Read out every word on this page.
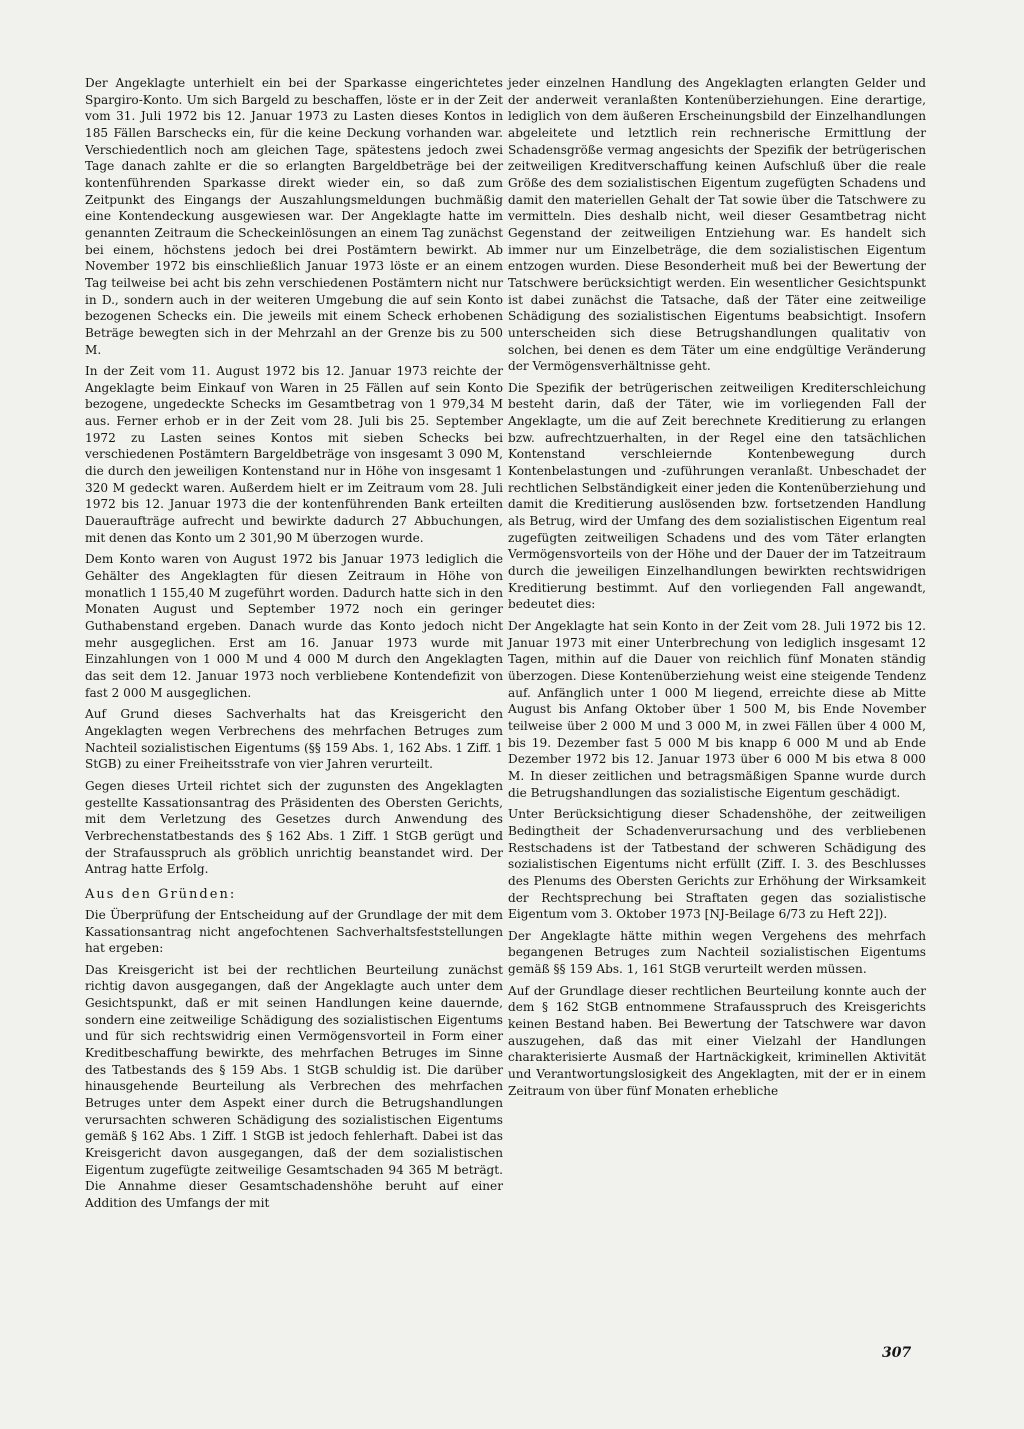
Der Angeklagte unterhielt ein bei der Sparkasse eingerichtetes Spargiro-Konto. Um sich Bargeld zu beschaffen, löste er in der Zeit vom 31. Juli 1972 bis 12. Januar 1973 zu Lasten dieses Kontos in 185 Fällen Barschecks ein, für die keine Deckung vorhanden war. Verschiedentlich noch am gleichen Tage, spätestens jedoch zwei Tage danach zahlte er die so erlangten Bargeldbeträge bei der kontenführenden Sparkasse direkt wieder ein, so daß zum Zeitpunkt des Eingangs der Auszahlungsmeldungen buchmäßig eine Kontendeckung ausgewiesen war. Der Angeklagte hatte im genannten Zeitraum die Scheckeinlösungen an einem Tag zunächst bei einem, höchstens jedoch bei drei Postämtern bewirkt. Ab November 1972 bis einschließlich Januar 1973 löste er an einem Tag teilweise bei acht bis zehn verschiedenen Postämtern nicht nur in D., sondern auch in der weiteren Umgebung die auf sein Konto bezogenen Schecks ein. Die jeweils mit einem Scheck erhobenen Beträge bewegten sich in der Mehrzahl an der Grenze bis zu 500 M.

In der Zeit vom 11. August 1972 bis 12. Januar 1973 reichte der Angeklagte beim Einkauf von Waren in 25 Fällen auf sein Konto bezogene, ungedeckte Schecks im Gesamtbetrag von 1 979,34 M aus. Ferner erhob er in der Zeit vom 28. Juli bis 25. September 1972 zu Lasten seines Kontos mit sieben Schecks bei verschiedenen Postämtern Bargeldbeträge von insgesamt 3 090 M, die durch den jeweiligen Kontenstand nur in Höhe von insgesamt 1 320 M gedeckt waren. Außerdem hielt er im Zeitraum vom 28. Juli 1972 bis 12. Januar 1973 die der kontenführenden Bank erteilten Daueraufträge aufrecht und bewirkte dadurch 27 Abbuchungen, mit denen das Konto um 2 301,90 M überzogen wurde.

Dem Konto waren von August 1972 bis Januar 1973 lediglich die Gehälter des Angeklagten für diesen Zeitraum in Höhe von monatlich 1 155,40 M zugeführt worden. Dadurch hatte sich in den Monaten August und September 1972 noch ein geringer Guthabenstand ergeben. Danach wurde das Konto jedoch nicht mehr ausgeglichen. Erst am 16. Januar 1973 wurde mit Einzahlungen von 1 000 M und 4 000 M durch den Angeklagten das seit dem 12. Januar 1973 noch verbliebene Kontendefizit von fast 2 000 M ausgeglichen.

Auf Grund dieses Sachverhalts hat das Kreisgericht den Angeklagten wegen Verbrechens des mehrfachen Betruges zum Nachteil sozialistischen Eigentums (§§ 159 Abs. 1, 162 Abs. 1 Ziff. 1 StGB) zu einer Freiheitsstrafe von vier Jahren verurteilt.

Gegen dieses Urteil richtet sich der zugunsten des Angeklagten gestellte Kassationsantrag des Präsidenten des Obersten Gerichts, mit dem Verletzung des Gesetzes durch Anwendung des Verbrechenstatbestands des § 162 Abs. 1 Ziff. 1 StGB gerügt und der Strafausspruch als gröblich unrichtig beanstandet wird. Der Antrag hatte Erfolg.

Aus den Gründen:

Die Überprüfung der Entscheidung auf der Grundlage der mit dem Kassationsantrag nicht angefochtenen Sachverhaltsfeststellungen hat ergeben:

Das Kreisgericht ist bei der rechtlichen Beurteilung zunächst richtig davon ausgegangen, daß der Angeklagte auch unter dem Gesichtspunkt, daß er mit seinen Handlungen keine dauernde, sondern eine zeitweilige Schädigung des sozialistischen Eigentums und für sich rechtswidrig einen Vermögensvorteil in Form einer Kreditbeschaffung bewirkte, des mehrfachen Betruges im Sinne des Tatbestands des § 159 Abs. 1 StGB schuldig ist. Die darüber hinausgehende Beurteilung als Verbrechen des mehrfachen Betruges unter dem Aspekt einer durch die Betrugshandlungen verursachten schweren Schädigung des sozialistischen Eigentums gemäß § 162 Abs. 1 Ziff. 1 StGB ist jedoch fehlerhaft. Dabei ist das Kreisgericht davon ausgegangen, daß der dem sozialistischen Eigentum zugefügte zeitweilige Gesamtschaden 94 365 M beträgt. Die Annahme dieser Gesamtschadenshöhe beruht auf einer Addition des Umfangs der mit

jeder einzelnen Handlung des Angeklagten erlangten Gelder und der anderweit veranlaßten Kontenüberziehungen. Eine derartige, lediglich von dem äußeren Erscheinungsbild der Einzelhandlungen abgeleitete und letztlich rein rechnerische Ermittlung der Schadensgröße vermag angesichts der Spezifik der betrügerischen zeitweiligen Kreditverschaffung keinen Aufschluß über die reale Größe des dem sozialistischen Eigentum zugefügten Schadens und damit den materiellen Gehalt der Tat sowie über die Tatschwere zu vermitteln. Dies deshalb nicht, weil dieser Gesamtbetrag nicht Gegenstand der zeitweiligen Entziehung war. Es handelt sich immer nur um Einzelbeträge, die dem sozialistischen Eigentum entzogen wurden. Diese Besonderheit muß bei der Bewertung der Tatschwere berücksichtigt werden. Ein wesentlicher Gesichtspunkt ist dabei zunächst die Tatsache, daß der Täter eine zeitweilige Schädigung des sozialistischen Eigentums beabsichtigt. Insofern unterscheiden sich diese Betrugshandlungen qualitativ von solchen, bei denen es dem Täter um eine endgültige Veränderung der Vermögensverhältnisse geht.

Die Spezifik der betrügerischen zeitweiligen Krediterschleichung besteht darin, daß der Täter, wie im vorliegenden Fall der Angeklagte, um die auf Zeit berechnete Kreditierung zu erlangen bzw. aufrechtzuerhalten, in der Regel eine den tatsächlichen Kontenstand verschleiernde Kontenbewegung durch Kontenbelastungen und -zuführungen veranlaßt. Unbeschadet der rechtlichen Selbständigkeit einer jeden die Kontenüberziehung und damit die Kreditierung auslösenden bzw. fortsetzenden Handlung als Betrug, wird der Umfang des dem sozialistischen Eigentum real zugefügten zeitweiligen Schadens und des vom Täter erlangten Vermögensvorteils von der Höhe und der Dauer der im Tatzeitraum durch die jeweiligen Einzelhandlungen bewirkten rechtswidrigen Kreditierung bestimmt. Auf den vorliegenden Fall angewandt, bedeutet dies:

Der Angeklagte hat sein Konto in der Zeit vom 28. Juli 1972 bis 12. Januar 1973 mit einer Unterbrechung von lediglich insgesamt 12 Tagen, mithin auf die Dauer von reichlich fünf Monaten ständig überzogen. Diese Kontenüberziehung weist eine steigende Tendenz auf. Anfänglich unter 1 000 M liegend, erreichte diese ab Mitte August bis Anfang Oktober über 1 500 M, bis Ende November teilweise über 2 000 M und 3 000 M, in zwei Fällen über 4 000 M, bis 19. Dezember fast 5 000 M bis knapp 6 000 M und ab Ende Dezember 1972 bis 12. Januar 1973 über 6 000 M bis etwa 8 000 M. In dieser zeitlichen und betragsmäßigen Spanne wurde durch die Betrugshandlungen das sozialistische Eigentum geschädigt.

Unter Berücksichtigung dieser Schadenshöhe, der zeitweiligen Bedingtheit der Schadenverursachung und des verbliebenen Restschadens ist der Tatbestand der schweren Schädigung des sozialistischen Eigentums nicht erfüllt (Ziff. I. 3. des Beschlusses des Plenums des Obersten Gerichts zur Erhöhung der Wirksamkeit der Rechtsprechung bei Straftaten gegen das sozialistische Eigentum vom 3. Oktober 1973 [NJ-Beilage 6/73 zu Heft 22]).

Der Angeklagte hätte mithin wegen Vergehens des mehrfach begangenen Betruges zum Nachteil sozialistischen Eigentums gemäß §§ 159 Abs. 1, 161 StGB verurteilt werden müssen.

Auf der Grundlage dieser rechtlichen Beurteilung konnte auch der dem § 162 StGB entnommene Strafausspruch des Kreisgerichts keinen Bestand haben. Bei Bewertung der Tatschwere war davon auszugehen, daß das mit einer Vielzahl der Handlungen charakterisierte Ausmaß der Hartnäckigkeit, kriminellen Aktivität und Verantwortungslosigkeit des Angeklagten, mit der er in einem Zeitraum von über fünf Monaten erhebliche

307
